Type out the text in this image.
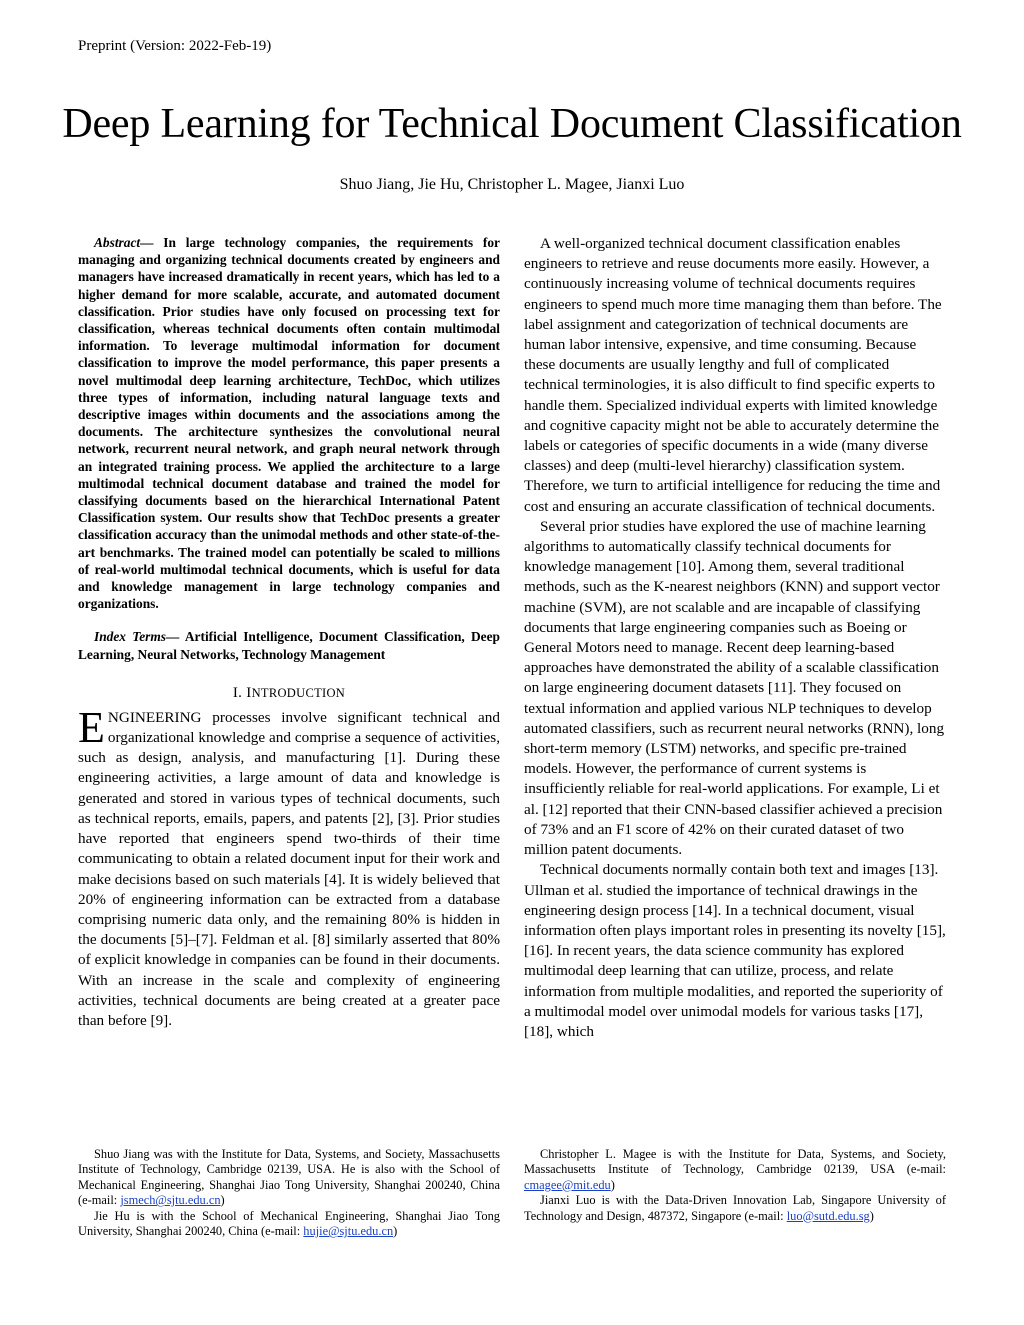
Preprint (Version: 2022-Feb-19)
Deep Learning for Technical Document Classification
Shuo Jiang, Jie Hu, Christopher L. Magee, Jianxi Luo

Abstract— In large technology companies, the requirements for managing and organizing technical documents created by engineers and managers have increased dramatically in recent years, which has led to a higher demand for more scalable, accurate, and automated document classification. Prior studies have only focused on processing text for classification, whereas technical documents often contain multimodal information. To leverage multimodal information for document classification to improve the model performance, this paper presents a novel multimodal deep learning architecture, TechDoc, which utilizes three types of information, including natural language texts and descriptive images within documents and the associations among the documents. The architecture synthesizes the convolutional neural network, recurrent neural network, and graph neural network through an integrated training process. We applied the architecture to a large multimodal technical document database and trained the model for classifying documents based on the hierarchical International Patent Classification system. Our results show that TechDoc presents a greater classification accuracy than the unimodal methods and other state-of-the-art benchmarks. The trained model can potentially be scaled to millions of real-world multimodal technical documents, which is useful for data and knowledge management in large technology companies and organizations.

Index Terms— Artificial Intelligence, Document Classification, Deep Learning, Neural Networks, Technology Management

I. INTRODUCTION

ENGINEERING processes involve significant technical and organizational knowledge and comprise a sequence of activities, such as design, analysis, and manufacturing [1]. During these engineering activities, a large amount of data and knowledge is generated and stored in various types of technical documents, such as technical reports, emails, papers, and patents [2], [3]. Prior studies have reported that engineers spend two-thirds of their time communicating to obtain a related document input for their work and make decisions based on such materials [4]. It is widely believed that 20% of engineering information can be extracted from a database comprising numeric data only, and the remaining 80% is hidden in the documents [5]–[7]. Feldman et al. [8] similarly asserted that 80% of explicit knowledge in companies can be found in their documents. With an increase in the scale and complexity of engineering activities, technical documents are being created at a greater pace than before [9].

A well-organized technical document classification enables engineers to retrieve and reuse documents more easily. However, a continuously increasing volume of technical documents requires engineers to spend much more time managing them than before. The label assignment and categorization of technical documents are human labor intensive, expensive, and time consuming. Because these documents are usually lengthy and full of complicated technical terminologies, it is also difficult to find specific experts to handle them. Specialized individual experts with limited knowledge and cognitive capacity might not be able to accurately determine the labels or categories of specific documents in a wide (many diverse classes) and deep (multi-level hierarchy) classification system. Therefore, we turn to artificial intelligence for reducing the time and cost and ensuring an accurate classification of technical documents.

Several prior studies have explored the use of machine learning algorithms to automatically classify technical documents for knowledge management [10]. Among them, several traditional methods, such as the K-nearest neighbors (KNN) and support vector machine (SVM), are not scalable and are incapable of classifying documents that large engineering companies such as Boeing or General Motors need to manage. Recent deep learning-based approaches have demonstrated the ability of a scalable classification on large engineering document datasets [11]. They focused on textual information and applied various NLP techniques to develop automated classifiers, such as recurrent neural networks (RNN), long short-term memory (LSTM) networks, and specific pre-trained models. However, the performance of current systems is insufficiently reliable for real-world applications. For example, Li et al. [12] reported that their CNN-based classifier achieved a precision of 73% and an F1 score of 42% on their curated dataset of two million patent documents.

Technical documents normally contain both text and images [13]. Ullman et al. studied the importance of technical drawings in the engineering design process [14]. In a technical document, visual information often plays important roles in presenting its novelty [15], [16]. In recent years, the data science community has explored multimodal deep learning that can utilize, process, and relate information from multiple modalities, and reported the superiority of a multimodal model over unimodal models for various tasks [17], [18], which

Shuo Jiang was with the Institute for Data, Systems, and Society, Massachusetts Institute of Technology, Cambridge 02139, USA. He is also with the School of Mechanical Engineering, Shanghai Jiao Tong University, Shanghai 200240, China (e-mail: jsmech@sjtu.edu.cn)

Jie Hu is with the School of Mechanical Engineering, Shanghai Jiao Tong University, Shanghai 200240, China (e-mail: hujie@sjtu.edu.cn)

Christopher L. Magee is with the Institute for Data, Systems, and Society, Massachusetts Institute of Technology, Cambridge 02139, USA (e-mail: cmagee@mit.edu)

Jianxi Luo is with the Data-Driven Innovation Lab, Singapore University of Technology and Design, 487372, Singapore (e-mail: luo@sutd.edu.sg)
